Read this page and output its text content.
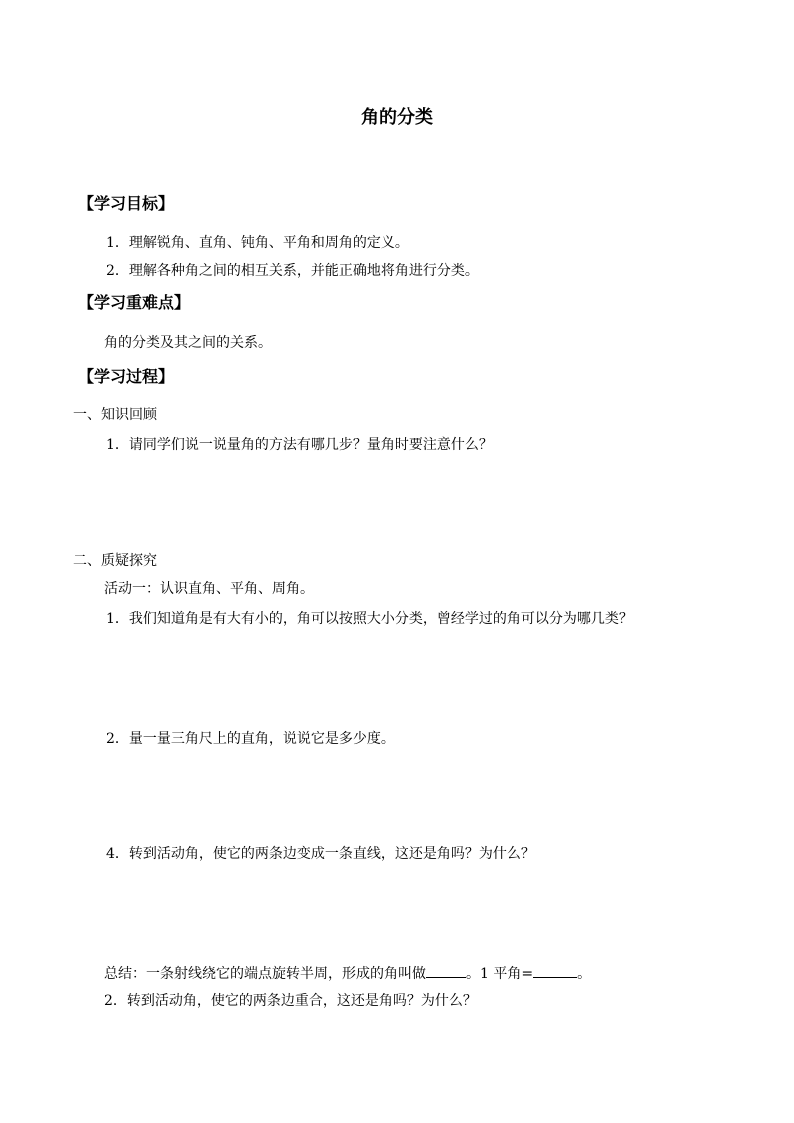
角的分类
【学习目标】
1．理解锐角、直角、钝角、平角和周角的定义。
2．理解各种角之间的相互关系，并能正确地将角进行分类。
【学习重难点】
角的分类及其之间的关系。
【学习过程】
一、知识回顾
1．请同学们说一说量角的方法有哪几步？量角时要注意什么？
二、质疑探究
活动一：认识直角、平角、周角。
1．我们知道角是有大有小的，角可以按照大小分类，曾经学过的角可以分为哪几类？
2．量一量三角尺上的直角，说说它是多少度。
4．转到活动角，使它的两条边变成一条直线，这还是角吗？为什么？
总结：一条射线绕它的端点旋转半周，形成的角叫做	。1 平角=	。
2．转到活动角，使它的两条边重合，这还是角吗？为什么？
